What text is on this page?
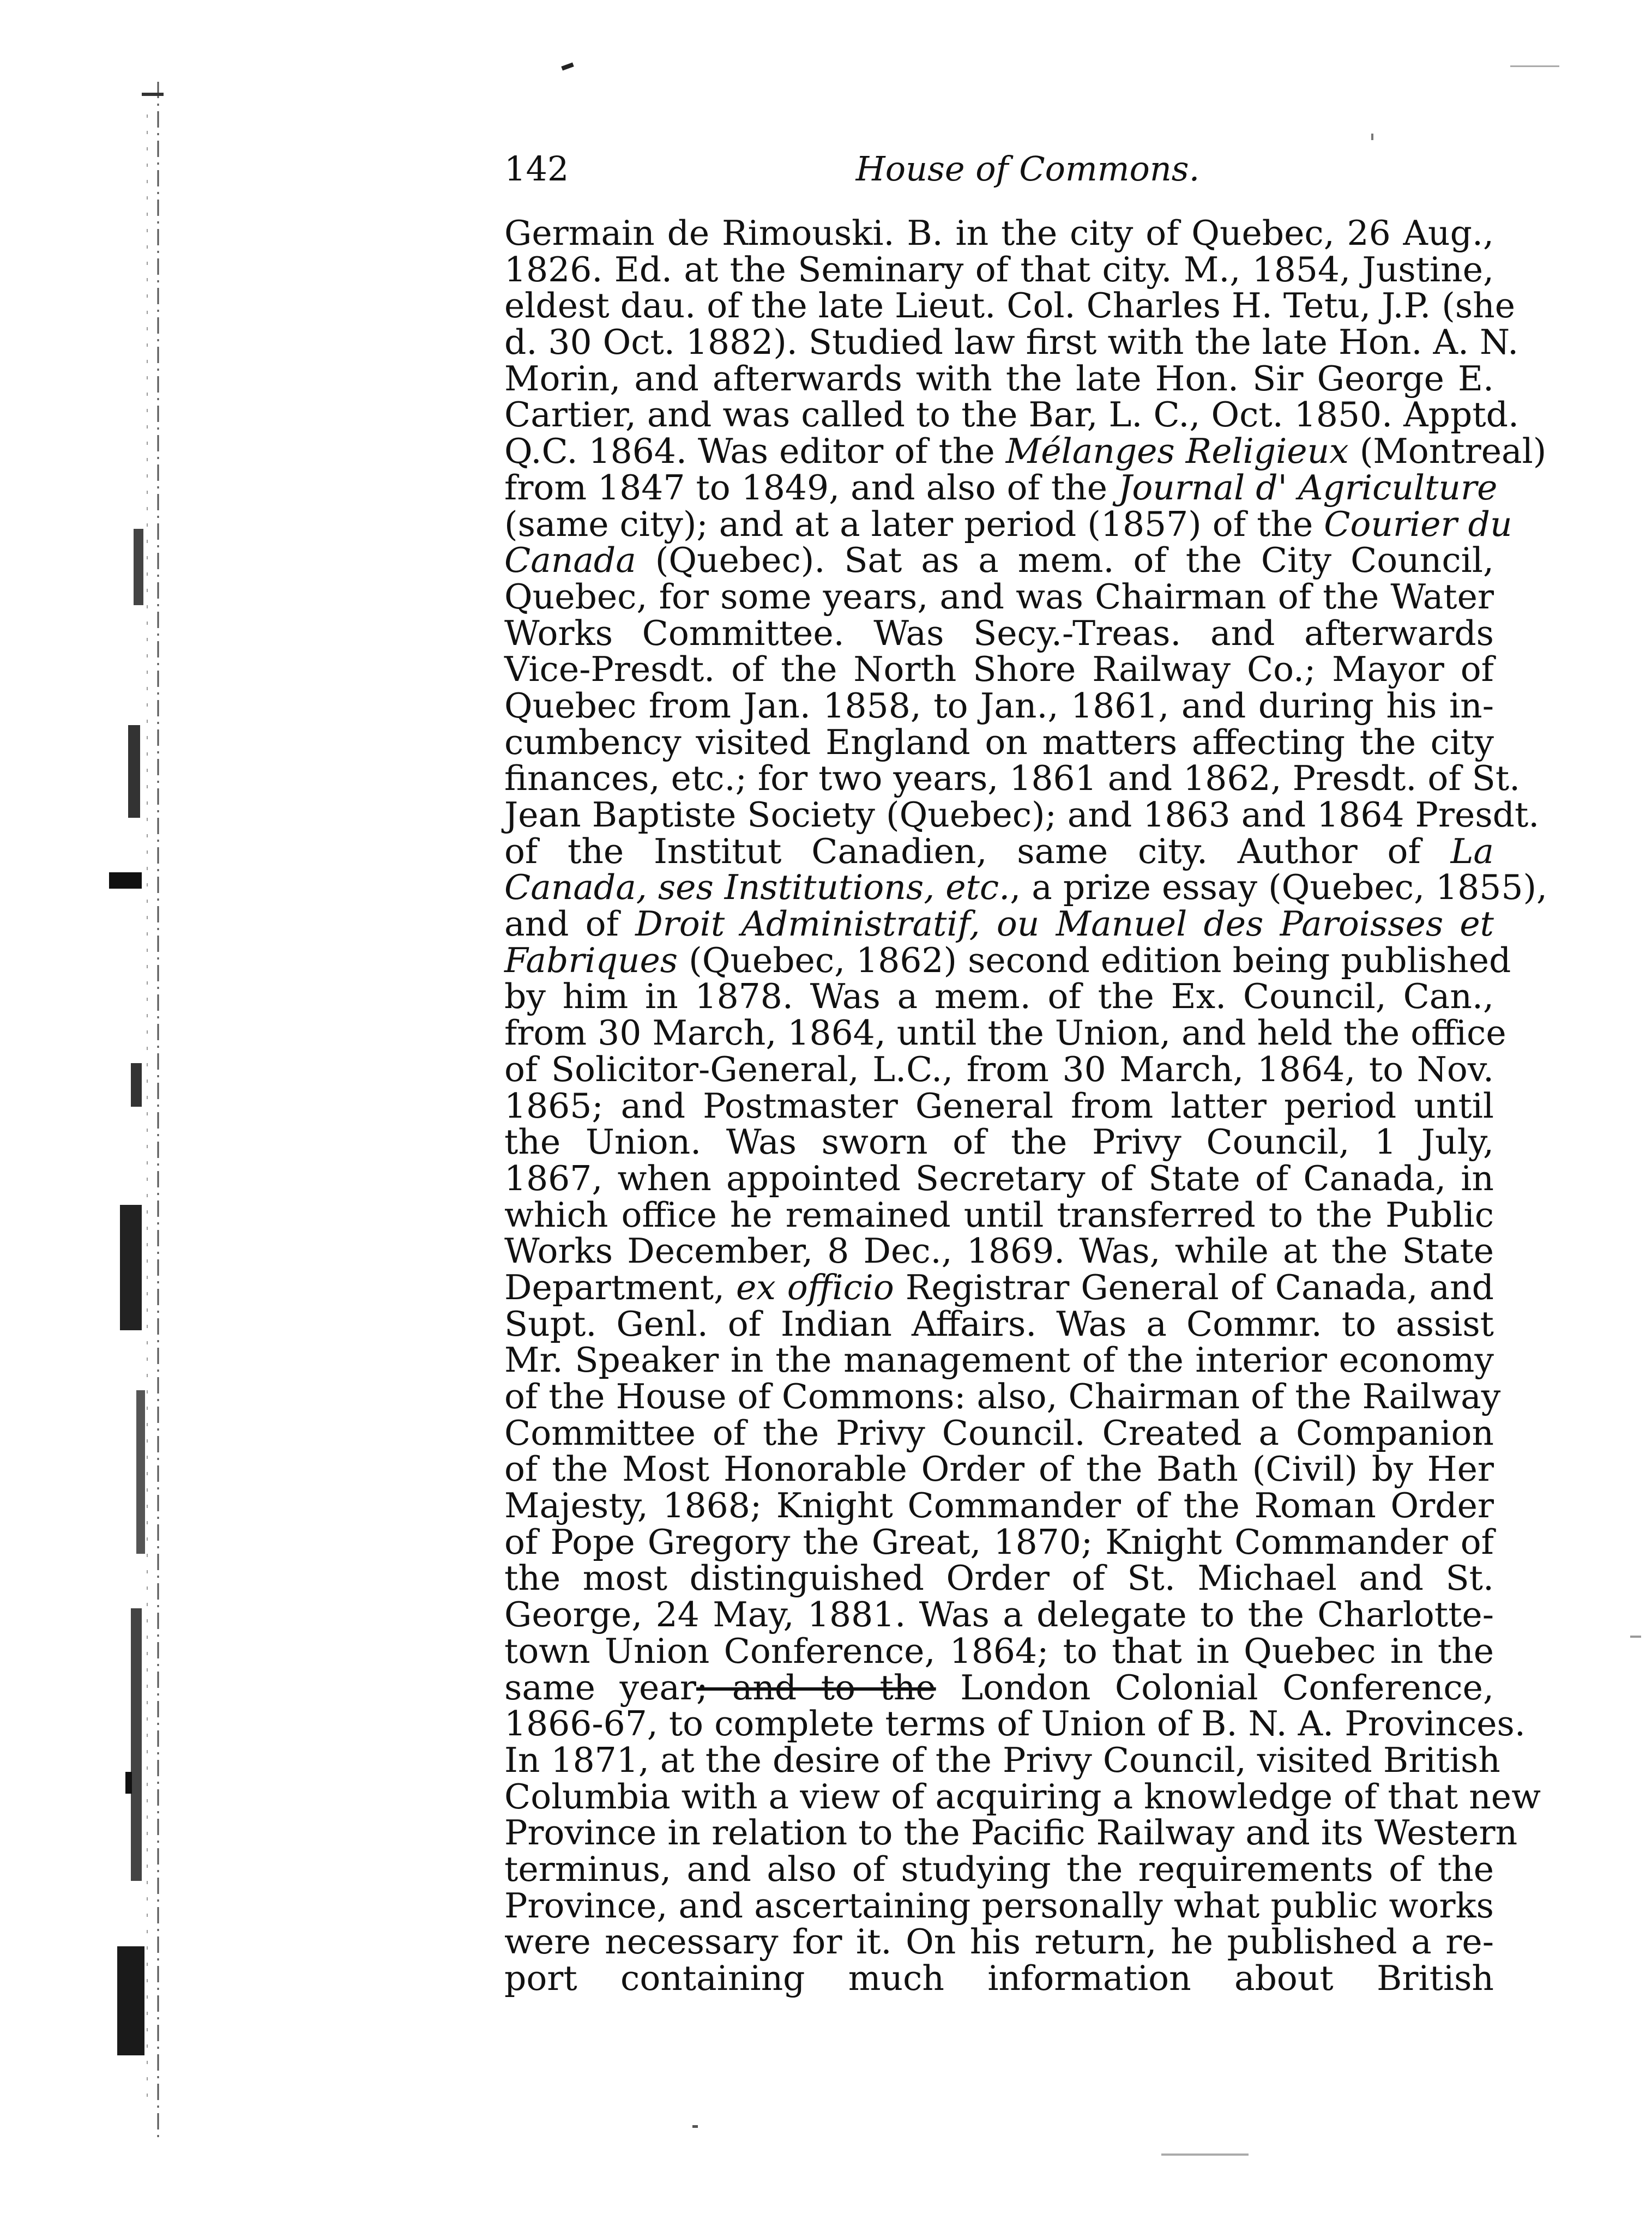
142	House of Commons.
Germain de Rimouski. B. in the city of Quebec, 26 Aug.,
1826. Ed. at the Seminary of that city. M., 1854, Justine,
eldest dau. of the late Lieut. Col. Charles H. Tetu, J.P. (she
d. 30 Oct. 1882). Studied law first with the late Hon. A. N.
Morin, and afterwards with the late Hon. Sir George E.
Cartier, and was called to the Bar, L. C., Oct. 1850. Apptd.
Q.C. 1864. Was editor of the Mélanges Religieux (Montreal)
from 1847 to 1849, and also of the Journal d' Agriculture
(same city); and at a later period (1857) of the Courier du
Canada (Quebec). Sat as a mem. of the City Council,
Quebec, for some years, and was Chairman of the Water
Works Committee. Was Secy.-Treas. and afterwards
Vice-Presdt. of the North Shore Railway Co.; Mayor of
Quebec from Jan. 1858, to Jan., 1861, and during his in-
cumbency visited England on matters affecting the city
finances, etc.; for two years, 1861 and 1862, Presdt. of St.
Jean Baptiste Society (Quebec); and 1863 and 1864 Presdt.
of the Institut Canadien, same city. Author of La
Canada, ses Institutions, etc., a prize essay (Quebec, 1855),
and of Droit Administratif, ou Manuel des Paroisses et
Fabriques (Quebec, 1862) second edition being published
by him in 1878. Was a mem. of the Ex. Council, Can.,
from 30 March, 1864, until the Union, and held the office
of Solicitor-General, L.C., from 30 March, 1864, to Nov.
1865; and Postmaster General from latter period until
the Union. Was sworn of the Privy Council, 1 July,
1867, when appointed Secretary of State of Canada, in
which office he remained until transferred to the Public
Works December, 8 Dec., 1869. Was, while at the State
Department, ex officio Registrar General of Canada, and
Supt. Genl. of Indian Affairs. Was a Commr. to assist
Mr. Speaker in the management of the interior economy
of the House of Commons: also, Chairman of the Railway
Committee of the Privy Council. Created a Companion
of the Most Honorable Order of the Bath (Civil) by Her
Majesty, 1868; Knight Commander of the Roman Order
of Pope Gregory the Great, 1870; Knight Commander of
the most distinguished Order of St. Michael and St.
George, 24 May, 1881. Was a delegate to the Charlotte-
town Union Conference, 1864; to that in Quebec in the
same year; and to the London Colonial Conference,
1866-67, to complete terms of Union of B. N. A. Provinces.
In 1871, at the desire of the Privy Council, visited British
Columbia with a view of acquiring a knowledge of that new
Province in relation to the Pacific Railway and its Western
terminus, and also of studying the requirements of the
Province, and ascertaining personally what public works
were necessary for it. On his return, he published a re-
port containing much information about British
